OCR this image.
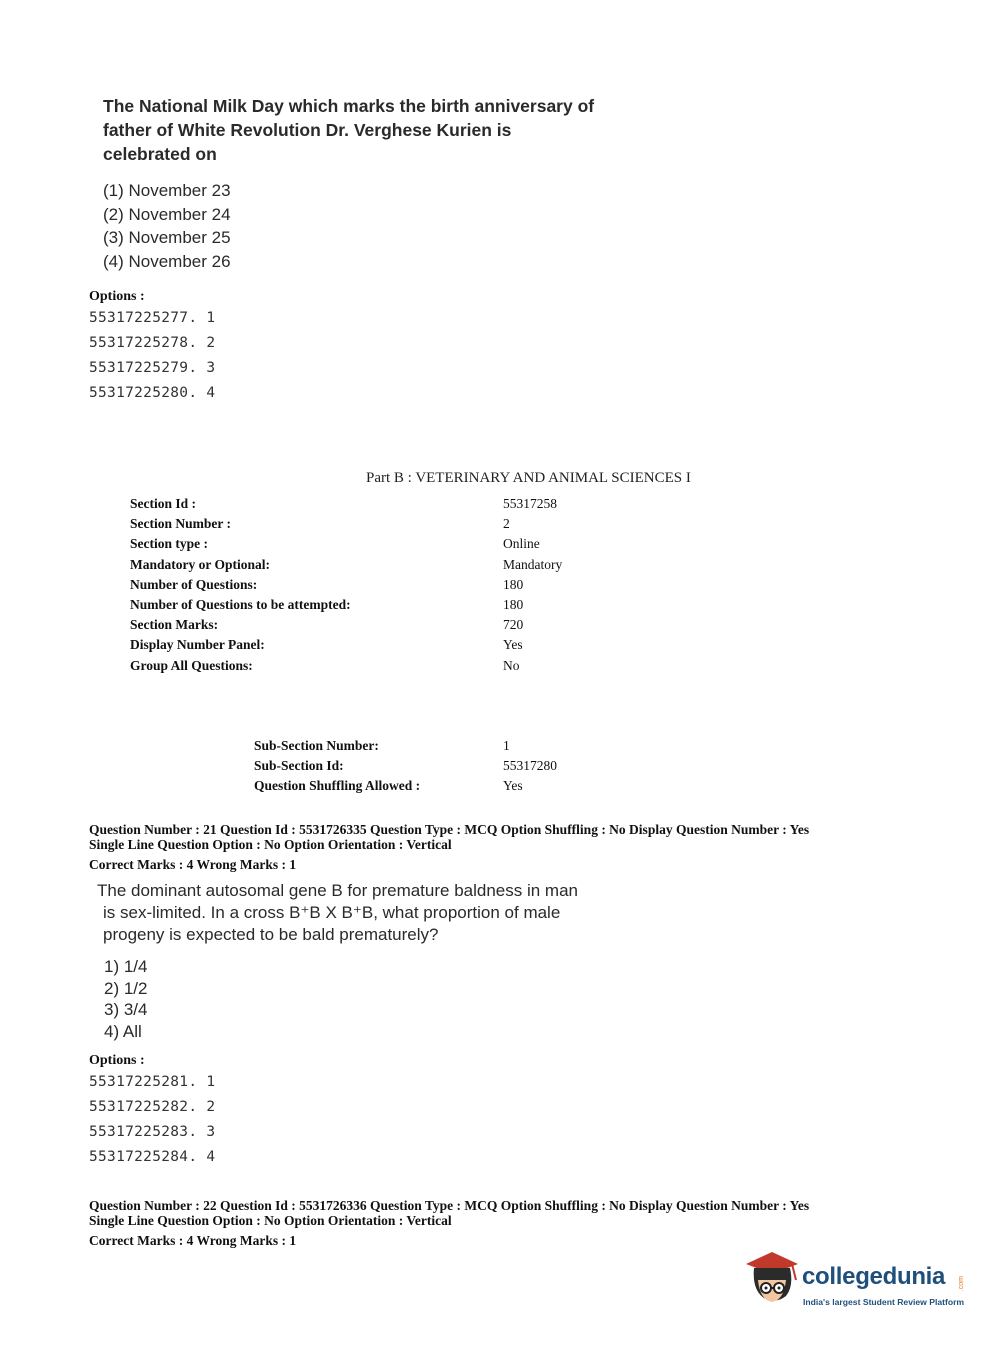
The National Milk Day which marks the birth anniversary of
father of White Revolution Dr. Verghese Kurien is
celebrated on
(1) November 23
(2) November 24
(3) November 25
(4) November 26
Options :
55317225277. 1
55317225278. 2
55317225279. 3
55317225280. 4
Part B : VETERINARY AND ANIMAL SCIENCES I
Section Id :	55317258
Section Number :	2
Section type :	Online
Mandatory or Optional:	Mandatory
Number of Questions:	180
Number of Questions to be attempted:	180
Section Marks:	720
Display Number Panel:	Yes
Group All Questions:	No
Sub-Section Number:	1
Sub-Section Id:	55317280
Question Shuffling Allowed :	Yes
Question Number : 21 Question Id : 5531726335 Question Type : MCQ Option Shuffling : No Display Question Number : Yes
Single Line Question Option : No Option Orientation : Vertical
Correct Marks : 4 Wrong Marks : 1
The dominant autosomal gene B for premature baldness in man
is sex-limited. In a cross B⁺B X B⁺B, what proportion of male
progeny is expected to be bald prematurely?
1) 1/4
2) 1/2
3) 3/4
4) All
Options :
55317225281. 1
55317225282. 2
55317225283. 3
55317225284. 4
Question Number : 22 Question Id : 5531726336 Question Type : MCQ Option Shuffling : No Display Question Number : Yes
Single Line Question Option : No Option Orientation : Vertical
Correct Marks : 4 Wrong Marks : 1
collegedunia .com
India's largest Student Review Platform
